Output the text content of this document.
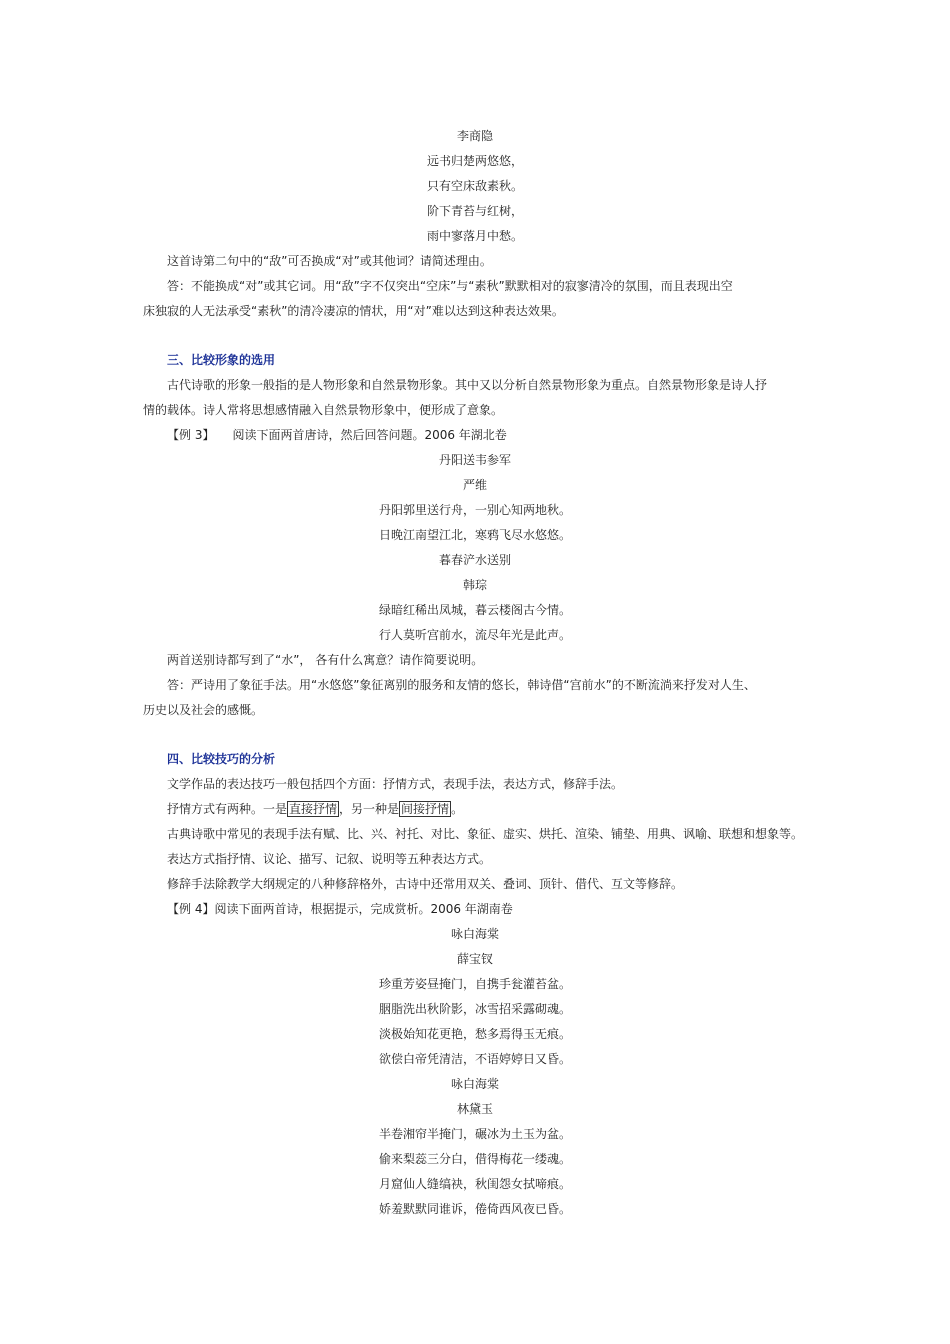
李商隐
远书归楚两悠悠，
只有空床敌素秋。
阶下青苔与红树，
雨中寥落月中愁。
这首诗第二句中的“敌”可否换成“对”或其他词？请简述理由。
答：不能换成“对”或其它词。用“敌”字不仅突出“空床”与“素秋”默默相对的寂寥清冷的氛围，而且表现出空
床独寂的人无法承受“素秋”的清冷凄凉的情状，用“对”难以达到这种表达效果。
三、比较形象的选用
古代诗歌的形象一般指的是人物形象和自然景物形象。其中又以分析自然景物形象为重点。自然景物形象是诗人抒
情的载体。诗人常将思想感情融入自然景物形象中，便形成了意象。
【例 3】 阅读下面两首唐诗，然后回答问题。2006 年湖北卷
丹阳送韦参军
严维
丹阳郭里送行舟，一别心知两地秋。
日晚江南望江北，寒鸦飞尽水悠悠。
暮春浐水送别
韩琮
绿暗红稀出凤城，暮云楼阁古今情。
行人莫听宫前水，流尽年光是此声。
两首送别诗都写到了“水”， 各有什么寓意？请作简要说明。
答：严诗用了象征手法。用“水悠悠”象征离别的服务和友情的悠长，韩诗借“宫前水”的不断流淌来抒发对人生、
历史以及社会的感慨。
四、比较技巧的分析
文学作品的表达技巧一般包括四个方面：抒情方式，表现手法，表达方式，修辞手法。
抒情方式有两种。一是 直接抒情 ，另一种是 间接抒情 。
古典诗歌中常见的表现手法有赋、比、兴、衬托、对比、象征、虚实、烘托、渲染、铺垫、用典、讽喻、联想和想象等。
表达方式指抒情、议论、描写、记叙、说明等五种表达方式。
修辞手法除教学大纲规定的八种修辞格外，古诗中还常用双关、叠词、顶针、借代、互文等修辞。
【例 4】阅读下面两首诗，根据提示，完成赏析。2006 年湖南卷
咏白海棠
薛宝钗
珍重芳姿昼掩门，自携手瓮灌苔盆。
胭脂洗出秋阶影，冰雪招采露砌魂。
淡极始知花更艳，愁多焉得玉无痕。
欲偿白帝凭清洁，不语婷婷日又昏。
咏白海棠
林黛玉
半卷湘帘半掩门，碾冰为土玉为盆。
偷来梨蕊三分白，借得梅花一缕魂。
月窟仙人缝缟袂，秋闺怨女拭啼痕。
娇羞默默同谁诉，倦倚西风夜已昏。
